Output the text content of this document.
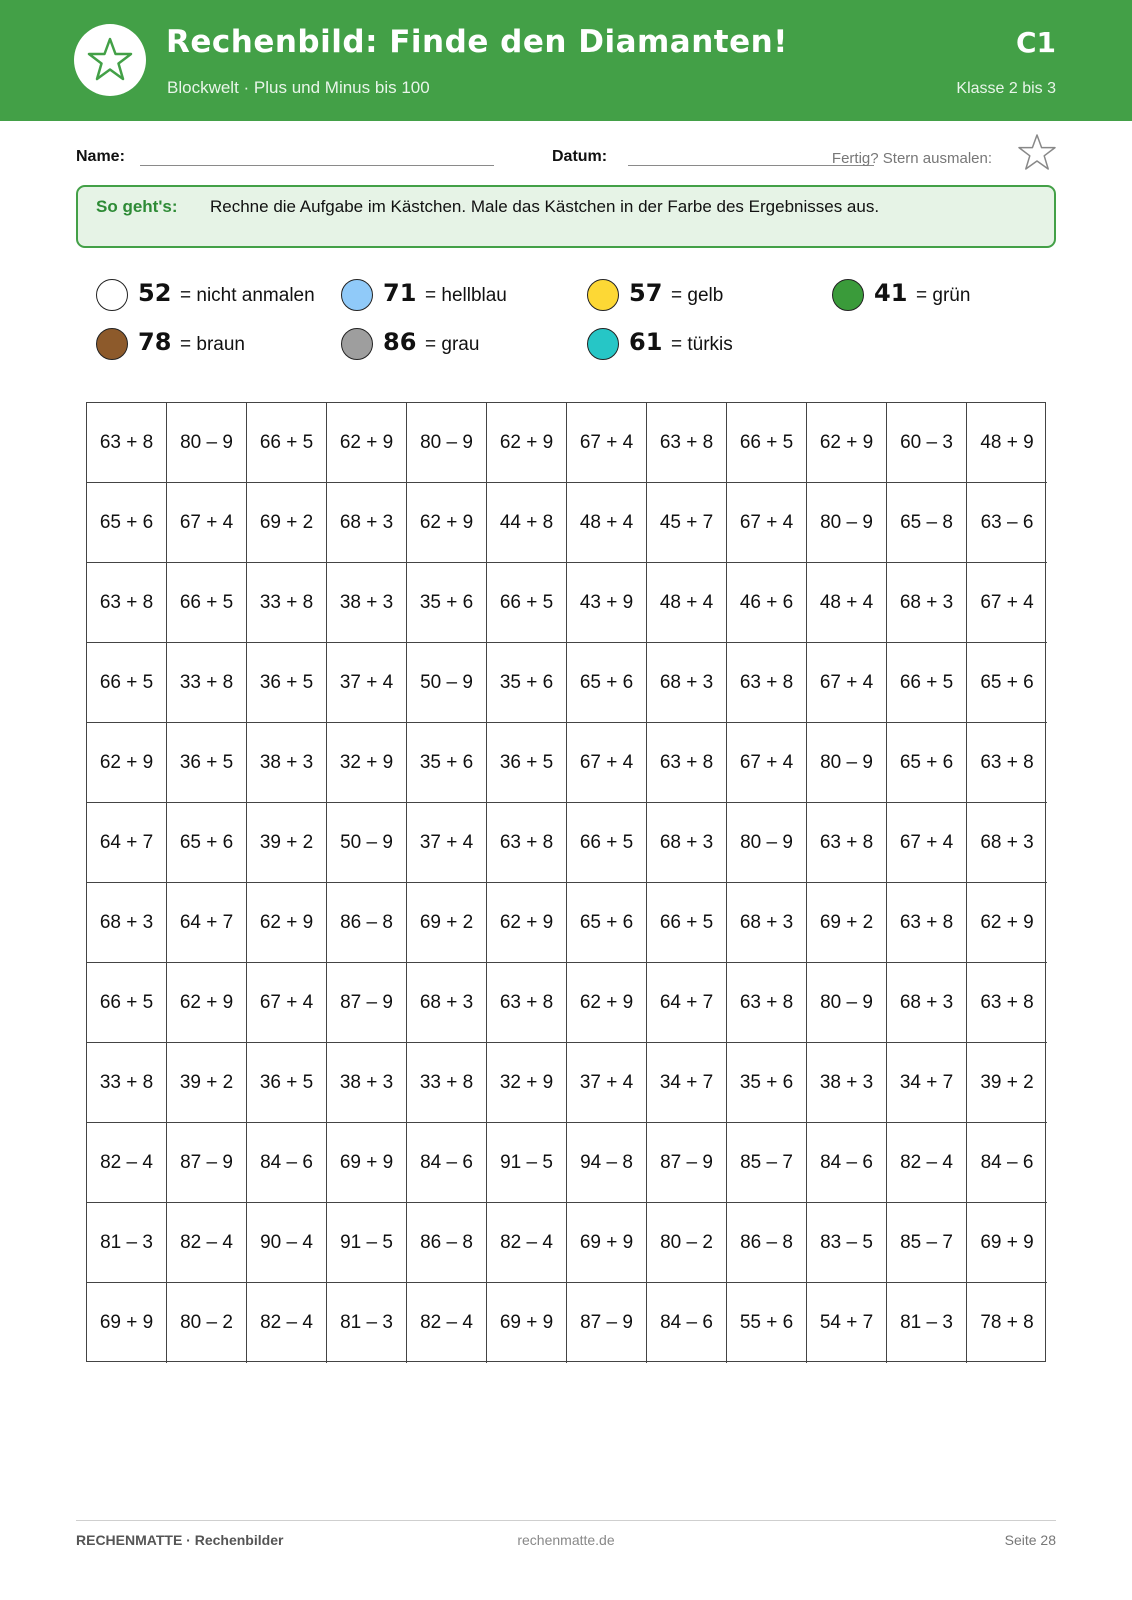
Rechenbild: Finde den Diamanten!
Blockwelt · Plus und Minus bis 100
C1
Klasse 2 bis 3
Name:	Datum:	Fertig? Stern ausmalen:
So geht's: Rechne die Aufgabe im Kästchen. Male das Kästchen in der Farbe des Ergebnisses aus.
52 = nicht anmalen	71 = hellblau	57 = gelb	41 = grün
78 = braun	86 = grau	61 = türkis
63 + 8	80 – 9	66 + 5	62 + 9	80 – 9	62 + 9	67 + 4	63 + 8	66 + 5	62 + 9	60 – 3	48 + 9
65 + 6	67 + 4	69 + 2	68 + 3	62 + 9	44 + 8	48 + 4	45 + 7	67 + 4	80 – 9	65 – 8	63 – 6
63 + 8	66 + 5	33 + 8	38 + 3	35 + 6	66 + 5	43 + 9	48 + 4	46 + 6	48 + 4	68 + 3	67 + 4
66 + 5	33 + 8	36 + 5	37 + 4	50 – 9	35 + 6	65 + 6	68 + 3	63 + 8	67 + 4	66 + 5	65 + 6
62 + 9	36 + 5	38 + 3	32 + 9	35 + 6	36 + 5	67 + 4	63 + 8	67 + 4	80 – 9	65 + 6	63 + 8
64 + 7	65 + 6	39 + 2	50 – 9	37 + 4	63 + 8	66 + 5	68 + 3	80 – 9	63 + 8	67 + 4	68 + 3
68 + 3	64 + 7	62 + 9	86 – 8	69 + 2	62 + 9	65 + 6	66 + 5	68 + 3	69 + 2	63 + 8	62 + 9
66 + 5	62 + 9	67 + 4	87 – 9	68 + 3	63 + 8	62 + 9	64 + 7	63 + 8	80 – 9	68 + 3	63 + 8
33 + 8	39 + 2	36 + 5	38 + 3	33 + 8	32 + 9	37 + 4	34 + 7	35 + 6	38 + 3	34 + 7	39 + 2
82 – 4	87 – 9	84 – 6	69 + 9	84 – 6	91 – 5	94 – 8	87 – 9	85 – 7	84 – 6	82 – 4	84 – 6
81 – 3	82 – 4	90 – 4	91 – 5	86 – 8	82 – 4	69 + 9	80 – 2	86 – 8	83 – 5	85 – 7	69 + 9
69 + 9	80 – 2	82 – 4	81 – 3	82 – 4	69 + 9	87 – 9	84 – 6	55 + 6	54 + 7	81 – 3	78 + 8
RECHENMATTE · Rechenbilder	rechenmatte.de	Seite 28
